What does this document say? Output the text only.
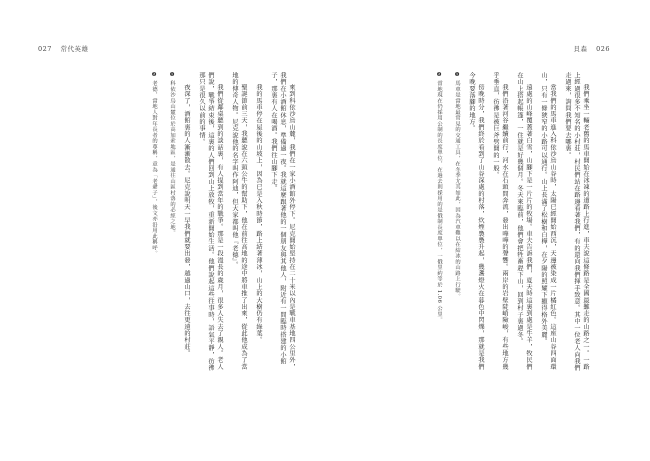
027 常代英雄	貝森 026

來到科依沙烏山麓，我們在一家小酒館外停下。尼克開始堅持在二十米以內是戰車基地四公里外，我們在小酒館休息，準備過一夜。我就這麼跟著他的一個朋友與其他人，附近有一間臨時搭建的小館子，那裏有人在喝酒。我們往山腳下走。

我的馬車停在屋後的山坡上，因為已是入秋時節，路上結著薄冰，山上的大樹仍有綠葉。

聖誕節前三天，我聽說在六頭公牛的幫助下，他在前往高地的途中將車推了出來，從此他成為了當地的傳奇人物。尼克說他的名字叫作阿迪，但大家都叫他『老德』。

我們從鄰桌聽到的談話裏，有人提到當年的戰爭。那是一段漫長的歲月，很多人失去了親人。老人們說，戰爭結束後，這裏的人們回到山上放牧，重新開始生活。他們說起這些往事時，語氣平靜，彷彿那只是很久以前的事情。

夜深了，酒館裏的人漸漸散去。尼克說明天一早我們就要出發，越過山口，去往更遠的村莊。

❶ 科依沙烏山麓位於高加索地區，是通往山區村落的必經之地。

❷ 老德，當地人對年長者的尊稱，意為「老爺子」，後文亦沿用此稱呼。	我們乘坐一輛老舊的馬車開始在冰凍的道路上行進，車夫說這條路是全國最難走的山路之一。一路上經過很多不知名的小村莊，村民們站在路邊看著我們，有的還向我們揮手致意。其中一位老人向我們走過來，詢問我們要去哪裏。

當我們的馬車進入科依沙烏山谷時，太陽已經開始西沉，天邊被染成一片橘紅色。這座山谷四面環山，只有一條狹窄的小路可以通行。山上長滿了松樹和白樺，在夕陽的照耀下顯得格外美麗。

遠處的山峰覆蓋著白雪，山腳下是一片片的牧場。車夫告訴我們，夏天時這裏到處是牛羊，牧民們在山上搭起帳篷，一住就是好幾個月。冬天來臨前，他們會把牲畜趕下山，回到村子裏過冬。

我們沿著河谷繼續前行，河水在石頭間奔流，發出嘩嘩的聲響。兩岸的岩壁陡峭險峻，有些地方幾乎垂直，彷彿是被巨斧劈開的一般。

傍晚時分，我們終於看到了山谷深處的村落，炊煙裊裊升起，幾盞燈火在暮色中閃爍，那就是我們今晚要落腳的地方。

❶ 馬車是當地最常見的交通工具，在冬季尤其如此，因為汽車難以在結冰的山路上行駛。

❷ 當地現在仍採用公制的長度單位，在過去則採用的是俄制長度單位，一俄里約等於 1.06 公里。
